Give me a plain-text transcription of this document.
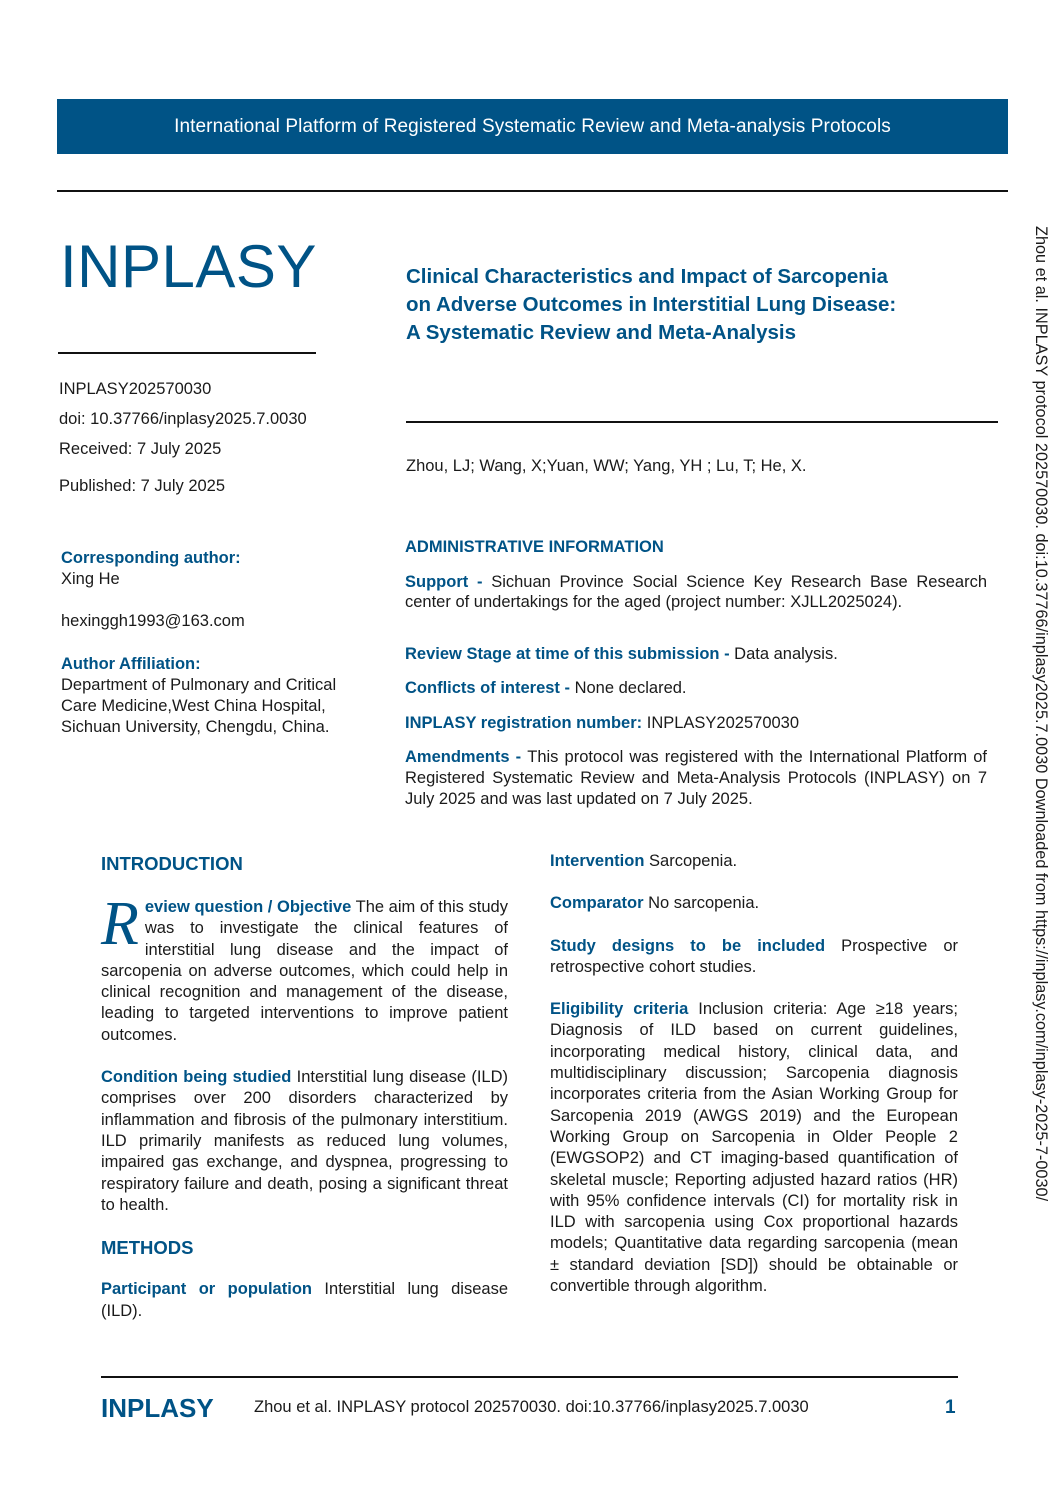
International Platform of Registered Systematic Review and Meta-analysis Protocols
INPLASY	Clinical Characteristics and Impact of Sarcopenia
on Adverse Outcomes in Interstitial Lung Disease:
A Systematic Review and Meta-Analysis
INPLASY202570030
doi: 10.37766/inplasy2025.7.0030
Received: 7 July 2025
Published: 7 July 2025
Zhou, LJ; Wang, X;Yuan, WW; Yang, YH ; Lu, T; He, X.
Corresponding author:
Xing He
hexinggh1993@163.com
Author Affiliation:
Department of Pulmonary and Critical Care Medicine,West China Hospital, Sichuan University, Chengdu, China.
ADMINISTRATIVE INFORMATION
Support - Sichuan Province Social Science Key Research Base Research center of undertakings for the aged (project number: XJLL2025024).
Review Stage at time of this submission - Data analysis.
Conflicts of interest - None declared.
INPLASY registration number: INPLASY202570030
Amendments - This protocol was registered with the International Platform of Registered Systematic Review and Meta-Analysis Protocols (INPLASY) on 7 July 2025 and was last updated on 7 July 2025.
INTRODUCTION

Review question / Objective The aim of this study was to investigate the clinical features of interstitial lung disease and the impact of sarcopenia on adverse outcomes, which could help in clinical recognition and management of the disease, leading to targeted interventions to improve patient outcomes.

Condition being studied Interstitial lung disease (ILD) comprises over 200 disorders characterized by inflammation and fibrosis of the pulmonary interstitium. ILD primarily manifests as reduced lung volumes, impaired gas exchange, and dyspnea, progressing to respiratory failure and death, posing a significant threat to health.

METHODS

Participant or population Interstitial lung disease (ILD).

Intervention Sarcopenia.

Comparator No sarcopenia.

Study designs to be included Prospective or retrospective cohort studies.

Eligibility criteria Inclusion criteria: Age ≥18 years; Diagnosis of ILD based on current guidelines, incorporating medical history, clinical data, and multidisciplinary discussion; Sarcopenia diagnosis incorporates criteria from the Asian Working Group for Sarcopenia 2019 (AWGS 2019) and the European Working Group on Sarcopenia in Older People 2 (EWGSOP2) and CT imaging-based quantification of skeletal muscle; Reporting adjusted hazard ratios (HR) with 95% confidence intervals (CI) for mortality risk in ILD with sarcopenia using Cox proportional hazards models; Quantitative data regarding sarcopenia (mean ± standard deviation [SD]) should be obtainable or convertible through algorithm.

INPLASY Zhou et al. INPLASY protocol 202570030. doi:10.37766/inplasy2025.7.0030	1
Zhou et al. INPLASY protocol 202570030. doi:10.37766/inplasy2025.7.0030 Downloaded from https://inplasy.com/inplasy-2025-7-0030/
